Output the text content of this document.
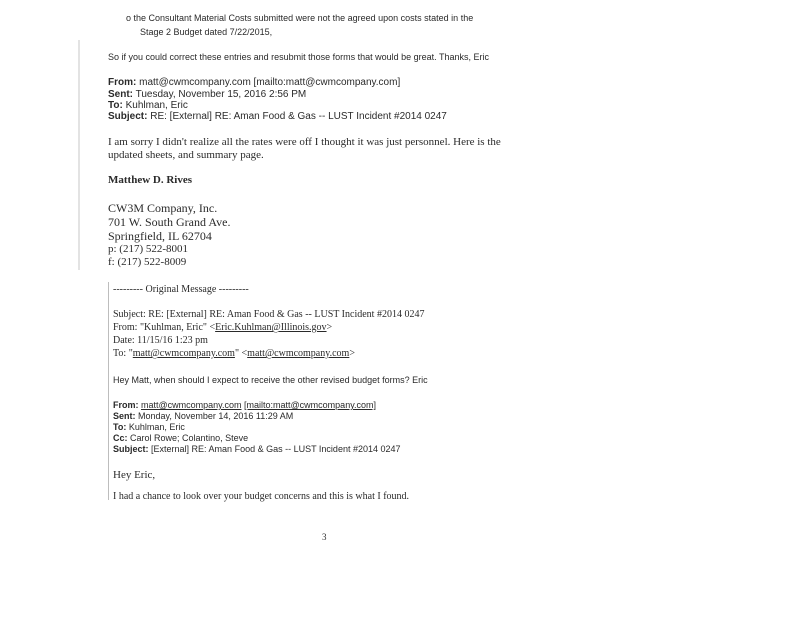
o the Consultant Material Costs submitted were not the agreed upon costs stated in the
Stage 2 Budget dated 7/22/2015,
So if you could correct these entries and resubmit those forms that would be great. Thanks, Eric
From: matt@cwmcompany.com [mailto:matt@cwmcompany.com]
Sent: Tuesday, November 15, 2016 2:56 PM
To: Kuhlman, Eric
Subject: RE: [External] RE: Aman Food & Gas -- LUST Incident #2014 0247
I am sorry I didn't realize all the rates were off I thought it was just personnel. Here is the
updated sheets, and summary page.
Matthew D. Rives
CW3M Company, Inc.
701 W. South Grand Ave.
Springfield, IL 62704
p: (217) 522-8001
f: (217) 522-8009
--------- Original Message ---------
Subject: RE: [External] RE: Aman Food & Gas -- LUST Incident #2014 0247
From: "Kuhlman, Eric" <Eric.Kuhlman@Illinois.gov>
Date: 11/15/16 1:23 pm
To: "matt@cwmcompany.com" <matt@cwmcompany.com>
Hey Matt, when should I expect to receive the other revised budget forms? Eric
From: matt@cwmcompany.com [mailto:matt@cwmcompany.com]
Sent: Monday, November 14, 2016 11:29 AM
To: Kuhlman, Eric
Cc: Carol Rowe; Colantino, Steve
Subject: [External] RE: Aman Food & Gas -- LUST Incident #2014 0247
Hey Eric,
I had a chance to look over your budget concerns and this is what I found.
3
